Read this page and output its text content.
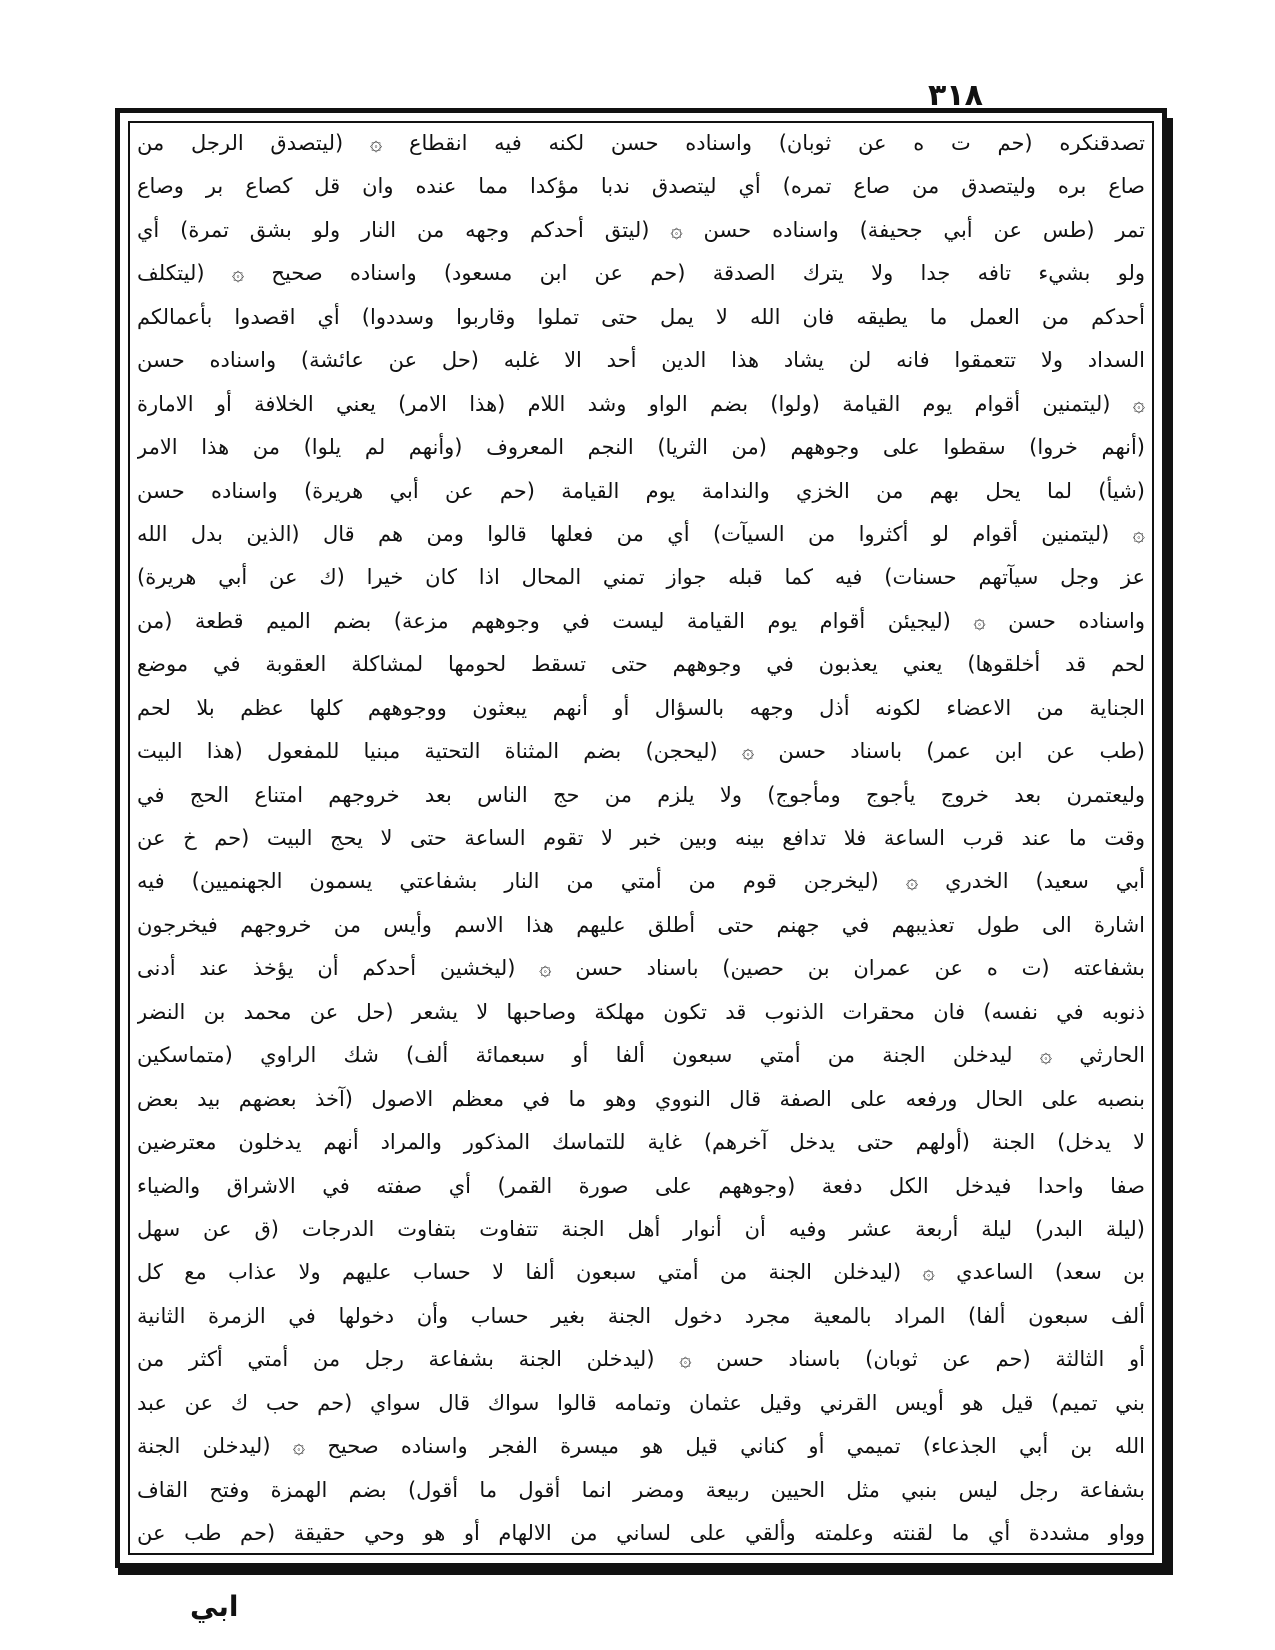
٣١٨
تصدقنكره (حم ت ه عن ثوبان) واسناده حسن لكنه فيه انقطاع ۞ (ليتصدق الرجل من
صاع بره وليتصدق من صاع تمره) أي ليتصدق ندبا مؤكدا مما عنده وان قل كصاع بر وصاع
تمر (طس عن أبي جحيفة) واسناده حسن ۞ (ليتق أحدكم وجهه من النار ولو بشق تمرة) أي
ولو بشيء تافه جدا ولا يترك الصدقة (حم عن ابن مسعود) واسناده صحيح ۞ (ليتكلف
أحدكم من العمل ما يطيقه فان الله لا يمل حتى تملوا وقاربوا وسددوا) أي اقصدوا بأعمالكم
السداد ولا تتعمقوا فانه لن يشاد هذا الدين أحد الا غلبه (حل عن عائشة) واسناده حسن
۞ (ليتمنين أقوام يوم القيامة (ولوا) بضم الواو وشد اللام (هذا الامر) يعني الخلافة أو الامارة
(أنهم خروا) سقطوا على وجوههم (من الثريا) النجم المعروف (وأنهم لم يلوا) من هذا الامر
(شيأ) لما يحل بهم من الخزي والندامة يوم القيامة (حم عن أبي هريرة) واسناده حسن
۞ (ليتمنين أقوام لو أكثروا من السيآت) أي من فعلها قالوا ومن هم قال (الذين بدل الله
عز وجل سيآتهم حسنات) فيه كما قبله جواز تمني المحال اذا كان خيرا (ك عن أبي هريرة)
واسناده حسن ۞ (ليجيئن أقوام يوم القيامة ليست في وجوههم مزعة) بضم الميم قطعة (من
لحم قد أخلقوها) يعني يعذبون في وجوههم حتى تسقط لحومها لمشاكلة العقوبة في موضع
الجناية من الاعضاء لكونه أذل وجهه بالسؤال أو أنهم يبعثون ووجوههم كلها عظم بلا لحم
(طب عن ابن عمر) باسناد حسن ۞ (ليحجن) بضم المثناة التحتية مبنيا للمفعول (هذا البيت
وليعتمرن بعد خروج يأجوج ومأجوج) ولا يلزم من حج الناس بعد خروجهم امتناع الحج في
وقت ما عند قرب الساعة فلا تدافع بينه وبين خبر لا تقوم الساعة حتى لا يحج البيت (حم خ عن
أبي سعيد) الخدري ۞ (ليخرجن قوم من أمتي من النار بشفاعتي يسمون الجهنميين) فيه
اشارة الى طول تعذيبهم في جهنم حتى أطلق عليهم هذا الاسم وأيس من خروجهم فيخرجون
بشفاعته (ت ه عن عمران بن حصين) باسناد حسن ۞ (ليخشين أحدكم أن يؤخذ عند أدنى
ذنوبه في نفسه) فان محقرات الذنوب قد تكون مهلكة وصاحبها لا يشعر (حل عن محمد بن النضر
الحارثي ۞ ليدخلن الجنة من أمتي سبعون ألفا أو سبعمائة ألف) شك الراوي (متماسكين
بنصبه على الحال ورفعه على الصفة قال النووي وهو ما في معظم الاصول (آخذ بعضهم بيد بعض
لا يدخل) الجنة (أولهم حتى يدخل آخرهم) غاية للتماسك المذكور والمراد أنهم يدخلون معترضين
صفا واحدا فيدخل الكل دفعة (وجوههم على صورة القمر) أي صفته في الاشراق والضياء
(ليلة البدر) ليلة أربعة عشر وفيه أن أنوار أهل الجنة تتفاوت بتفاوت الدرجات (ق عن سهل
بن سعد) الساعدي ۞ (ليدخلن الجنة من أمتي سبعون ألفا لا حساب عليهم ولا عذاب مع كل
ألف سبعون ألفا) المراد بالمعية مجرد دخول الجنة بغير حساب وأن دخولها في الزمرة الثانية
أو الثالثة (حم عن ثوبان) باسناد حسن ۞ (ليدخلن الجنة بشفاعة رجل من أمتي أكثر من
بني تميم) قيل هو أويس القرني وقيل عثمان وتمامه قالوا سواك قال سواي (حم حب ك عن عبد
الله بن أبي الجذعاء) تميمي أو كناني قيل هو ميسرة الفجر واسناده صحيح ۞ (ليدخلن الجنة
بشفاعة رجل ليس بنبي مثل الحيين ربيعة ومضر انما أقول ما أقول) بضم الهمزة وفتح القاف
وواو مشددة أي ما لقنته وعلمته وألقي على لساني من الالهام أو هو وحي حقيقة (حم طب عن
ابي
